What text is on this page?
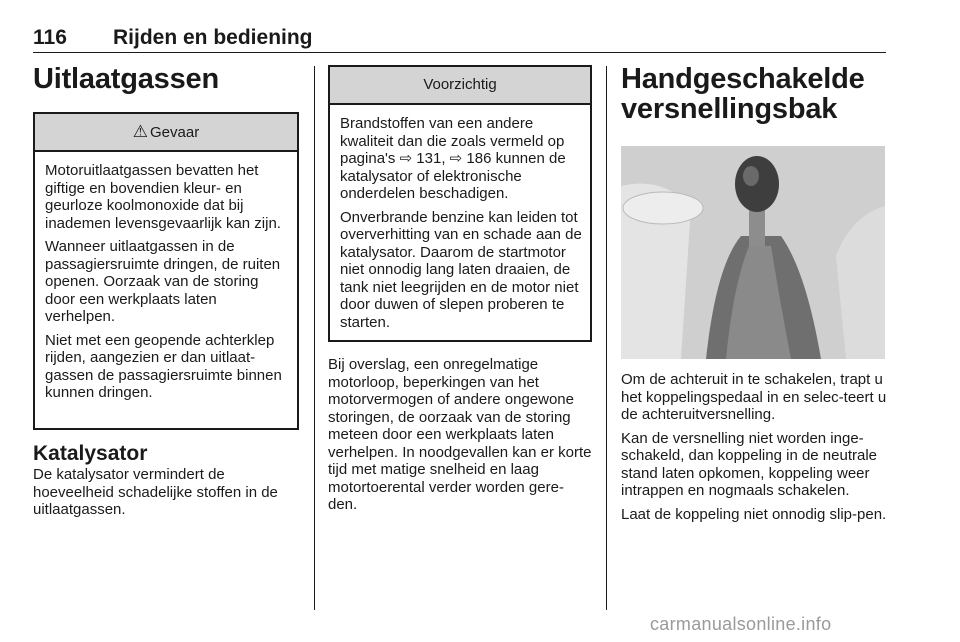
116 Rijden en bediening
Uitlaatgassen
⚠ Gevaar

Motoruitlaatgassen bevatten het giftige en bovendien kleur- en geurloze koolmonoxide dat bij inademen levensgevaarlijk kan zijn.

Wanneer uitlaatgassen in de passagiersruimte dringen, de ruiten openen. Oorzaak van de storing door een werkplaats laten verhelpen.

Niet met een geopende achterklep rijden, aangezien er dan uitlaat-gassen de passagiersruimte binnen kunnen dringen.

Katalysator

De katalysator vermindert de hoeveelheid schadelijke stoffen in de uitlaatgassen.

Voorzichtig

Brandstoffen van een andere kwaliteit dan die zoals vermeld op pagina's ⇨ 131, ⇨ 186 kunnen de katalysator of elektronische onderdelen beschadigen.

Onverbrande benzine kan leiden tot oververhitting van en schade aan de katalysator. Daarom de startmotor niet onnodig lang laten draaien, de tank niet leegrijden en de motor niet door duwen of slepen proberen te starten.

Bij overslag, een onregelmatige motorloop, beperkingen van het motorvermogen of andere ongewone storingen, de oorzaak van de storing meteen door een werkplaats laten verhelpen. In noodgevallen kan er korte tijd met matige snelheid en laag motortoerental verder worden gere-den.

Handgeschakelde versnellingsbak

Om de achteruit in te schakelen, trapt u het koppelingspedaal in en selec-teert u de achteruitversnelling.

Kan de versnelling niet worden inge-schakeld, dan koppeling in de neutrale stand laten opkomen, koppeling weer intrappen en nogmaals schakelen.

Laat de koppeling niet onnodig slip-pen.

carmanualsonline.info
